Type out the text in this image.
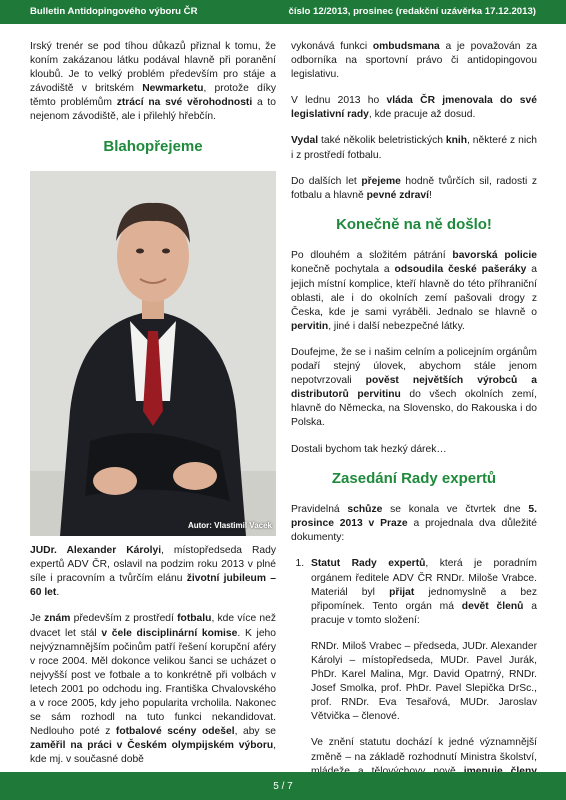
Bulletin Antidopingového výboru ČR	číslo 12/2013, prosinec (redakční uzávěrka 17.12.2013)

Irský trenér se pod tíhou důkazů přiznal k tomu, že koním zakázanou látku podával hlavně při poranění kloubů. Je to velký problém především pro stáje a závodiště v britském Newmarketu, protože díky těmto problémům ztrácí na své věrohodnosti a to nejenom závodiště, ale i přilehlý hřebčín.

Blahopřejeme
Autor: Vlastimil Vacek

JUDr. Alexander Károlyi, místopředseda Rady expertů ADV ČR, oslavil na podzim roku 2013 v plné síle i pracovním a tvůrčím elánu životní jubileum – 60 let.

Je znám především z prostředí fotbalu, kde více než dvacet let stál v čele disciplinární komise. K jeho nejvýznamnějším počinům patří řešení korupční aféry v roce 2004. Měl dokonce velikou šanci se ucházet o nejvyšší post ve fotbale a to konkrétně při volbách v letech 2001 po odchodu ing. Františka Chvalovského a v roce 2005, kdy jeho popularita vrcholila. Nakonec se sám rozhodl na tuto funkci nekandidovat. Nedlouho poté z fotbalové scény odešel, aby se zaměřil na práci v Českém olympijském výboru, kde mj. v současné době

vykonává funkci ombudsmana a je považován za odborníka na sportovní právo či antidopingovou legislativu.

V lednu 2013 ho vláda ČR jmenovala do své legislativní rady, kde pracuje až dosud.

Vydal také několik beletristických knih, některé z nich i z prostředí fotbalu.

Do dalších let přejeme hodně tvůrčích sil, radosti z fotbalu a hlavně pevné zdraví!

Konečně na ně došlo!

Po dlouhém a složitém pátrání bavorská policie konečně pochytala a odsoudila české pašeráky a jejich místní komplice, kteří hlavně do této příhraniční oblasti, ale i do okolních zemí pašovali drogy z Česka, kde je sami vyráběli. Jednalo se hlavně o pervitin, jiné i další nebezpečné látky.

Doufejme, že se i našim celním a policejním orgánům podaří stejný úlovek, abychom stále jenom nepotvrzovali pověst největších výrobců a distributorů pervitinu do všech okolních zemí, hlavně do Německa, na Slovensko, do Rakouska i do Polska.

Dostali bychom tak hezký dárek…

Zasedání Rady expertů

Pravidelná schůze se konala ve čtvrtek dne 5. prosince 2013 v Praze a projednala dva důležité dokumenty:

1. Statut Rady expertů, která je poradním orgánem ředitele ADV ČR RNDr. Miloše Vrabce. Materiál byl přijat jednomyslně a bez připomínek. Tento orgán má devět členů a pracuje v tomto složení:

RNDr. Miloš Vrabec – předseda, JUDr. Alexander Károlyi – místopředseda, MUDr. Pavel Jurák, PhDr. Karel Malina, Mgr. David Opatrný, RNDr. Josef Smolka, prof. PhDr. Pavel Slepička DrSc., prof. RNDr. Eva Tesařová, MUDr. Jaroslav Větvička – členové.

Ve znění statutu dochází k jedné významnější změně – na základě rozhodnutí Ministra školství,

5 / 7
